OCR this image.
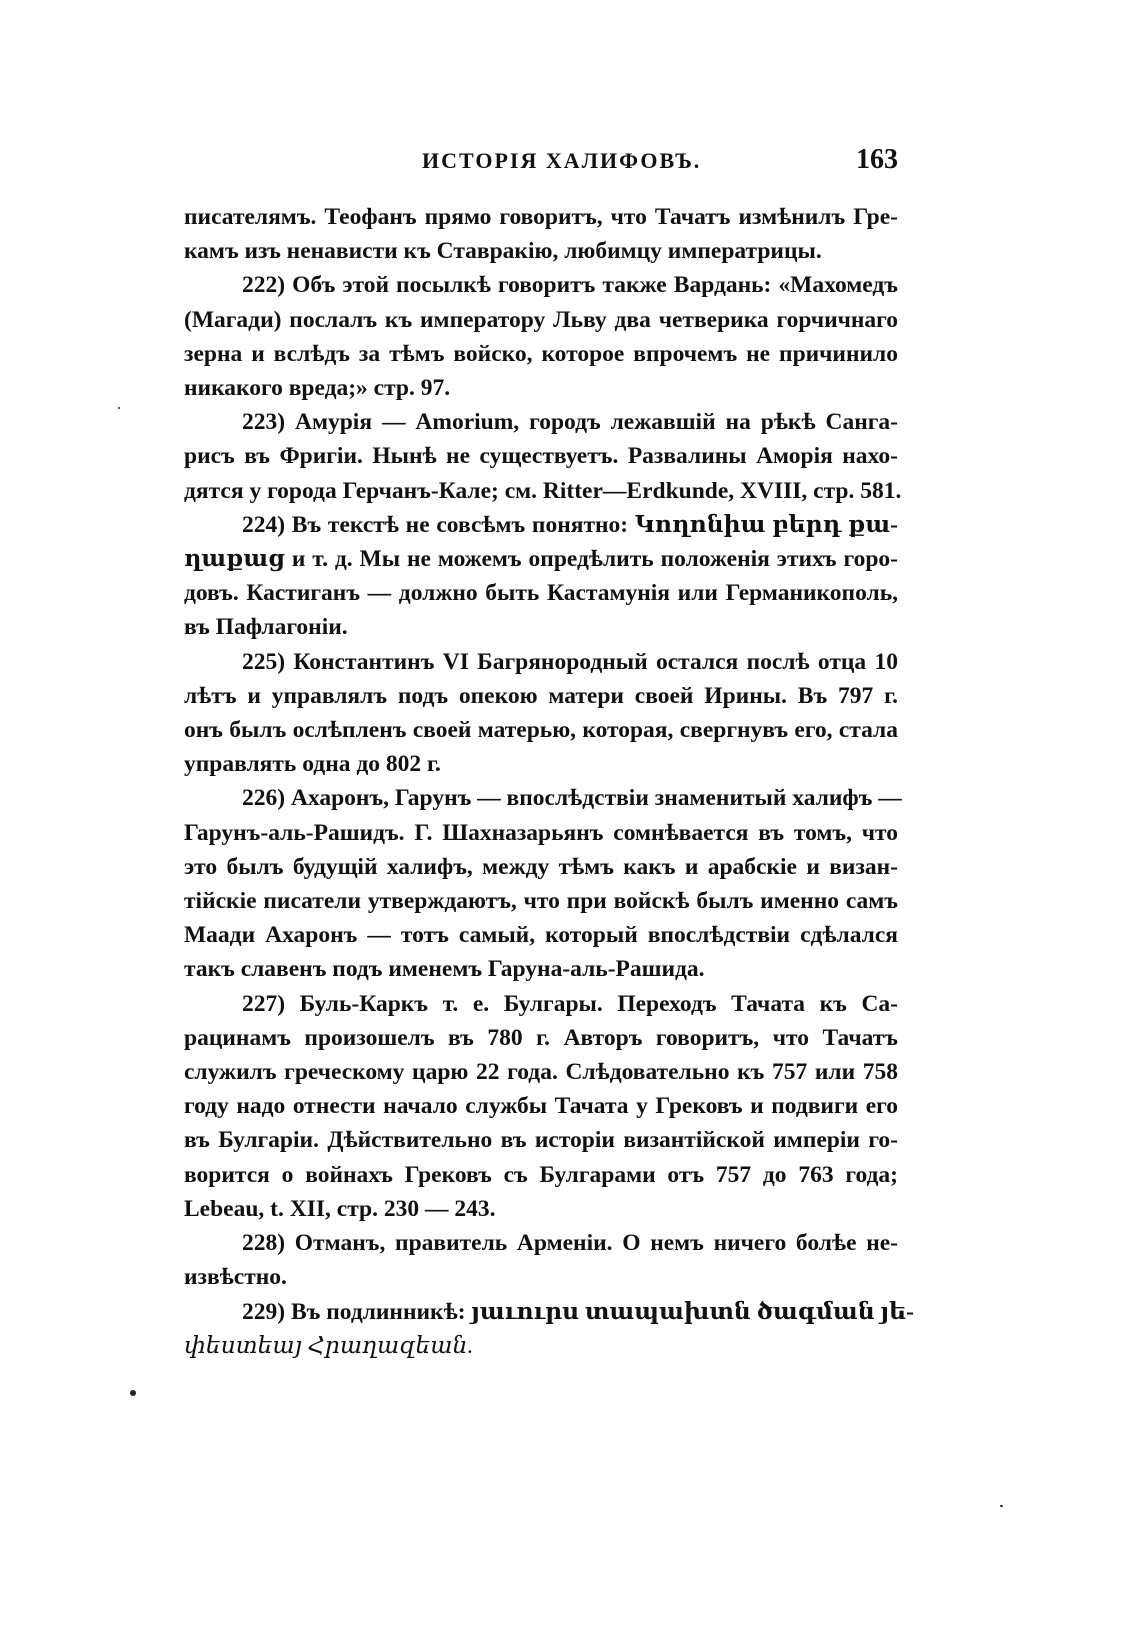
ИСТОРІЯ ХАЛИФОВЪ.	163
писателямъ. Теофанъ прямо говоритъ, что Тачатъ измѣнилъ Гре-
камъ изъ ненависти къ Ставракію, любимцу императрицы.
222) Объ этой посылкѣ говоритъ также Вардань: «Махомедъ
(Магади) послалъ къ императору Льву два четверика горчичнаго
зерна и вслѣдъ за тѣмъ войско, которое впрочемъ не причинило
никакого вреда;» стр. 97.
223) Амурія — Amorium, городъ лежавшій на рѣкѣ Санга-
рисъ въ Фригіи. Нынѣ не существуетъ. Развалины Аморія нахо-
дятся у города Герчанъ-Кале; см. Ritter—Erdkunde, XVIII, стр. 581.
224) Въ текстѣ не совсѣмъ понятно: Կողոնիա բերդ քա-
ղաքաց и т. д. Мы не можемъ опредѣлить положенія этихъ горо-
довъ. Кастиганъ — должно быть Кастамунія или Германикополь,
въ Пафлагоніи.
225) Константинъ VI Багрянородный остался послѣ отца 10
лѣтъ и управлялъ подъ опекою матери своей Ирины. Въ 797 г.
онъ былъ ослѣпленъ своей матерью, которая, свергнувъ его, стала
управлять одна до 802 г.
226) Ахаронъ, Гарунъ — впослѣдствіи знаменитый халифъ —
Гарунъ-аль-Рашидъ. Г. Шахназарьянъ сомнѣвается въ томъ, что
это былъ будущій халифъ, между тѣмъ какъ и арабскіе и визан-
тійскіе писатели утверждаютъ, что при войскѣ былъ именно самъ
Маади Ахаронъ — тотъ самый, который впослѣдствіи сдѣлался
такъ славенъ подъ именемъ Гаруна-аль-Рашида.
227) Буль-Каркъ т. е. Булгары. Переходъ Тачата къ Са-
рацинамъ произошелъ въ 780 г. Авторъ говоритъ, что Тачатъ
служилъ греческому царю 22 года. Слѣдовательно къ 757 или 758
году надо отнести начало службы Тачата у Грековъ и подвиги его
въ Булгаріи. Дѣйствительно въ исторіи византійской имперіи го-
ворится о войнахъ Грековъ съ Булгарами отъ 757 до 763 года;
Lebeau, t. XII, стр. 230 — 243.
228) Отманъ, правитель Арменіи. О немъ ничего болѣе не-
извѣстно.
229) Въ подлинникѣ: յաւուրս տապախտն ծագման յե-
փեստեայ Հրաղազեան.
